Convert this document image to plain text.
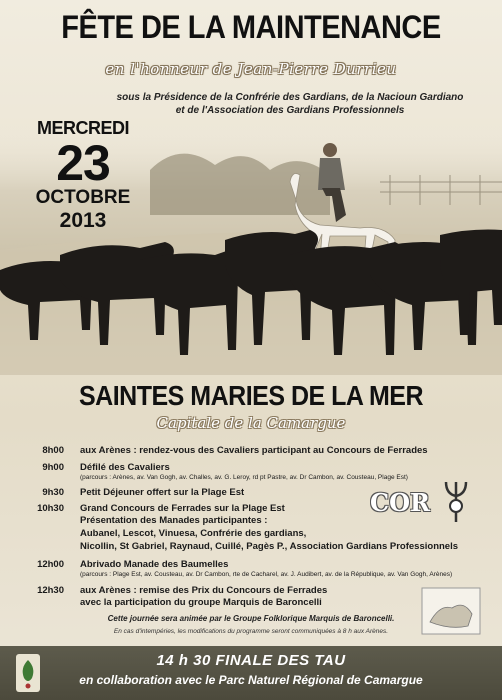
FÊTE DE LA MAINTENANCE
en l'honneur de Jean-Pierre Durrieu
sous la Présidence de la Confrérie des Gardians, de la Nacioun Gardiano
et de l'Association des Gardians Professionnels
MERCREDI
23
OCTOBRE
2013
SAINTES MARIES DE LA MER
Capitale de la Camargue
8h00 aux Arènes : rendez-vous des Cavaliers participant au Concours de Ferrades
9h00 Défilé des Cavaliers
(parcours : Arènes, av. Van Gogh, av. Challes, av. G. Leroy, rd pt Pastre, av. Dr Cambon, av. Cousteau, Plage Est)
9h30 Petit Déjeuner offert sur la Plage Est
10h30 Grand Concours de Ferrades sur la Plage Est
Présentation des Manades participantes :
Aubanel, Lescot, Vinuesa, Confrérie des gardians,
Nicollin, St Gabriel, Raynaud, Cuillé, Pagès P., Association Gardians Professionnels
12h00 Abrivado Manade des Baumelles
(parcours : Plage Est, av. Cousteau, av. Dr Cambon, rte de Cacharel, av. J. Audibert, av. de la République, av. Van Gogh, Arènes)
12h30 aux Arènes : remise des Prix du Concours de Ferrades
avec la participation du groupe Marquis de Baroncelli
Cette journée sera animée par le Groupe Folklorique Marquis de Baroncelli.
En cas d'intempéries, les modifications du programme seront communiquées à 8 h aux Arènes.
COR
14 h 30 FINALE DES TAU
en collaboration avec le Parc Naturel Régional de Camargue
